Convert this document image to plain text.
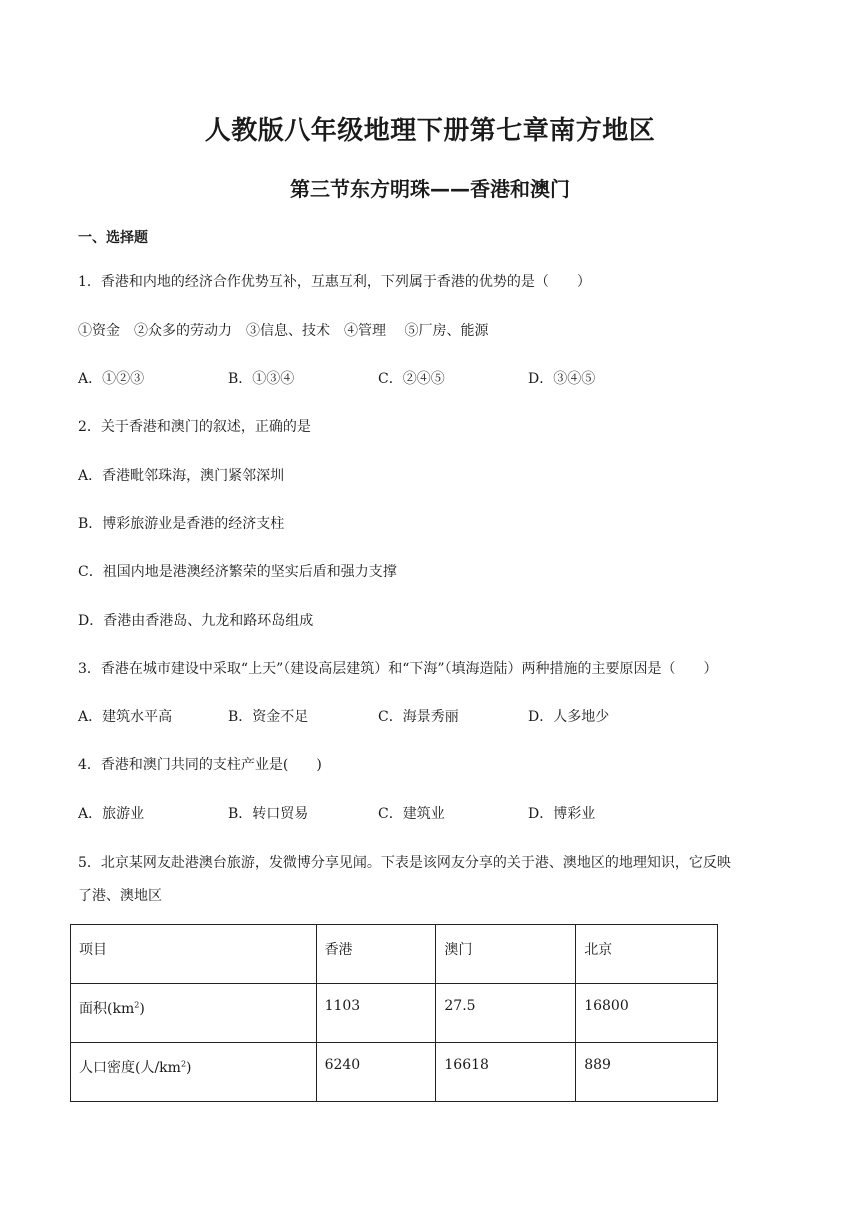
人教版八年级地理下册第七章南方地区
第三节东方明珠——香港和澳门
一、选择题
1．香港和内地的经济合作优势互补，互惠互利，下列属于香港的优势的是（　　）
①资金　②众多的劳动力　③信息、技术　④管理　 ⑤厂房、能源
A．①②③	B．①③④	C．②④⑤	D．③④⑤
2．关于香港和澳门的叙述，正确的是
A．香港毗邻珠海，澳门紧邻深圳
B．博彩旅游业是香港的经济支柱
C．祖国内地是港澳经济繁荣的坚实后盾和强力支撑
D．香港由香港岛、九龙和路环岛组成
3．香港在城市建设中采取“上天”（建设高层建筑）和“下海”（填海造陆）两种措施的主要原因是（　　）
A．建筑水平高	B．资金不足	C．海景秀丽	D．人多地少
4．香港和澳门共同的支柱产业是(　　)
A．旅游业	B．转口贸易	C．建筑业	D．博彩业
5．北京某网友赴港澳台旅游，发微博分享见闻。下表是该网友分享的关于港、澳地区的地理知识，它反映
了港、澳地区
项目	香港	澳门	北京
面积$(km^2)$	1103	27.5	16800
人口密度(人$/km^2$)	6240	16618	889
